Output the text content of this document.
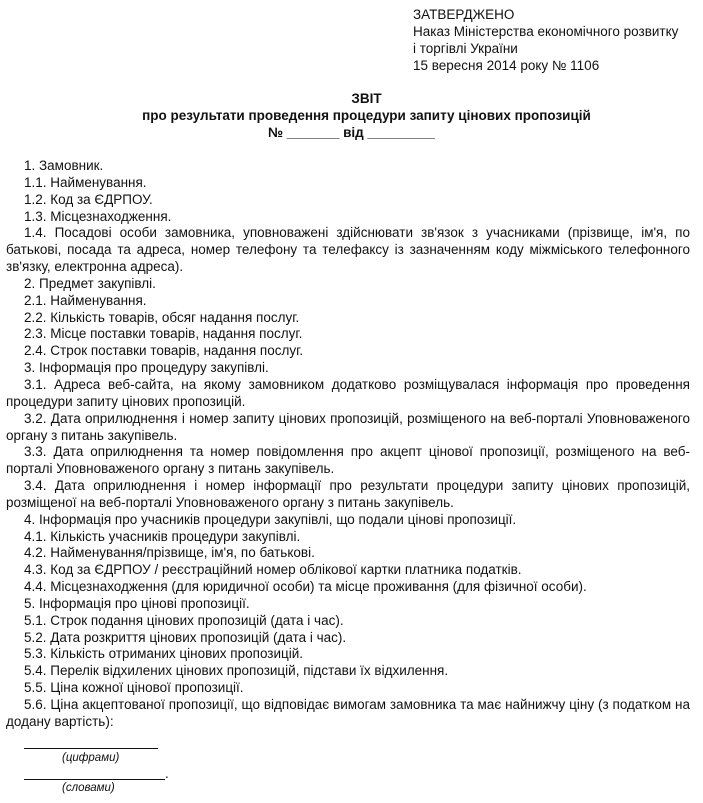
ЗАТВЕРДЖЕНО
Наказ Міністерства економічного розвитку
і торгівлі України
15 вересня 2014 року № 1106
ЗВІТ
про результати проведення процедури запиту цінових пропозицій
№ _______ від _________

1. Замовник.

1.1. Найменування.

1.2. Код за ЄДРПОУ.

1.3. Місцезнаходження.

1.4. Посадові особи замовника, уповноважені здійснювати зв'язок з учасниками (прізвище, ім'я, по батькові, посада та адреса, номер телефону та телефаксу із зазначенням коду міжміського телефонного зв'язку, електронна адреса).

2. Предмет закупівлі.

2.1. Найменування.

2.2. Кількість товарів, обсяг надання послуг.

2.3. Місце поставки товарів, надання послуг.

2.4. Строк поставки товарів, надання послуг.

3. Інформація про процедуру закупівлі.

3.1. Адреса веб-сайта, на якому замовником додатково розміщувалася інформація про проведення процедури запиту цінових пропозицій.

3.2. Дата оприлюднення і номер запиту цінових пропозицій, розміщеного на веб-порталі Уповноваженого органу з питань закупівель.

3.3. Дата оприлюднення та номер повідомлення про акцепт цінової пропозиції, розміщеного на веб-порталі Уповноваженого органу з питань закупівель.

3.4. Дата оприлюднення і номер інформації про результати процедури запиту цінових пропозицій, розміщеної на веб-порталі Уповноваженого органу з питань закупівель.

4. Інформація про учасників процедури закупівлі, що подали цінові пропозиції.

4.1. Кількість учасників процедури закупівлі.

4.2. Найменування/прізвище, ім'я, по батькові.

4.3. Код за ЄДРПОУ / реєстраційний номер облікової картки платника податків.

4.4. Місцезнаходження (для юридичної особи) та місце проживання (для фізичної особи).

5. Інформація про цінові пропозиції.

5.1. Строк подання цінових пропозицій (дата і час).

5.2. Дата розкриття цінових пропозицій (дата і час).

5.3. Кількість отриманих цінових пропозицій.

5.4. Перелік відхилених цінових пропозицій, підстави їх відхилення.

5.5. Ціна кожної цінової пропозиції.

5.6. Ціна акцептованої пропозиції, що відповідає вимогам замовника та має найнижчу ціну (з податком на додану вартість):

(цифрами)
.
(словами)
